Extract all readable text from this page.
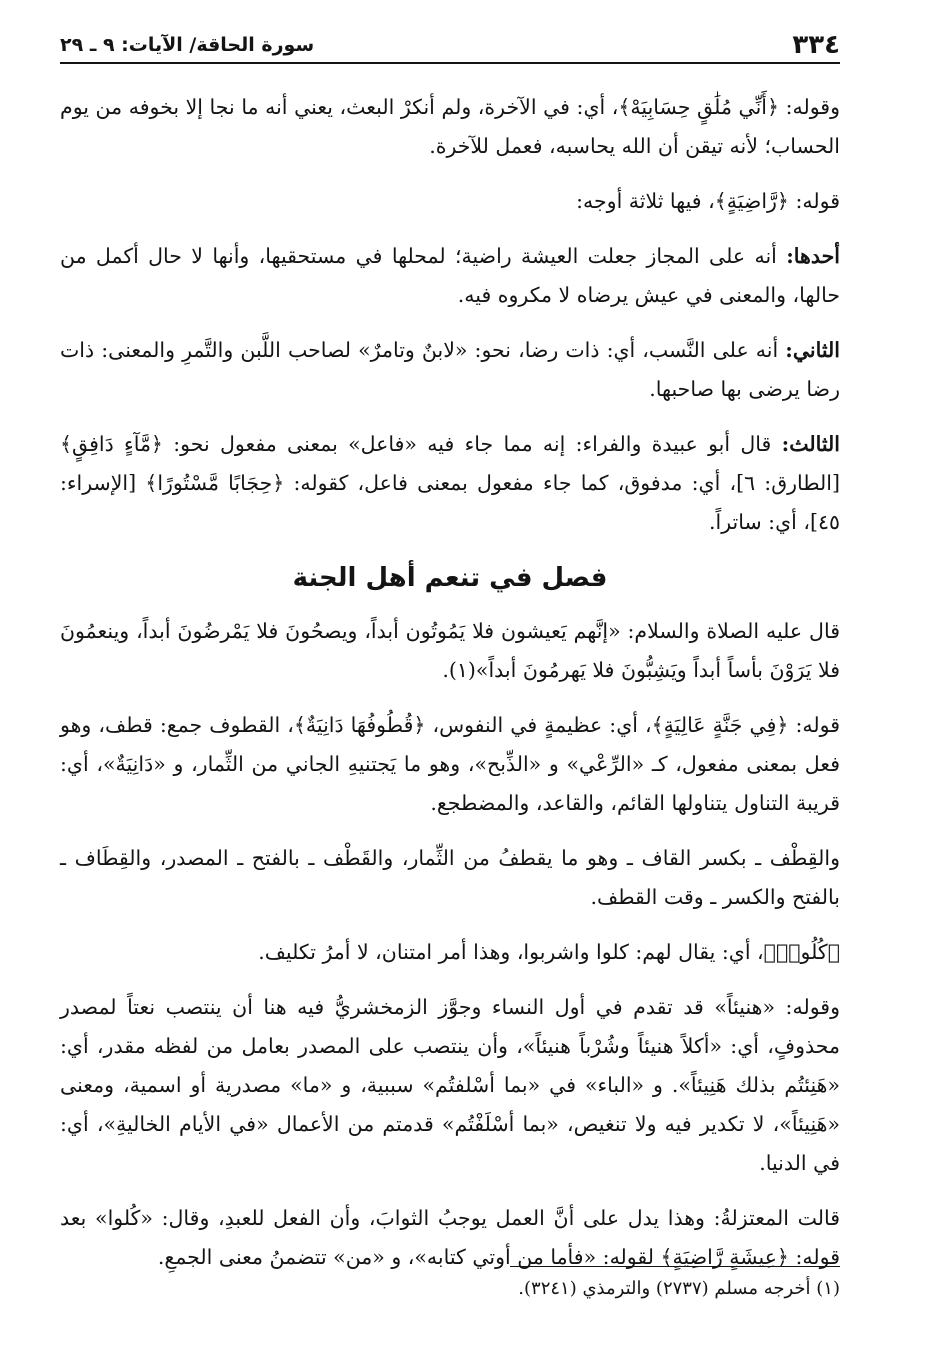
٣٣٤
سورة الحاقة/ الآيات: ٩ ـ ٢٩

وقوله: ﴿أَنِّي مُلَٰقٍ حِسَابِيَهْ﴾، أي: في الآخرة، ولم أنكرْ البعث، يعني أنه ما نجا إلا بخوفه من يوم الحساب؛ لأنه تيقن أن الله يحاسبه، فعمل للآخرة.

قوله: ﴿رَّاضِيَةٍ﴾، فيها ثلاثة أوجه:

أحدها: أنه على المجاز جعلت العيشة راضية؛ لمحلها في مستحقيها، وأنها لا حال أكمل من حالها، والمعنى في عيش يرضاه لا مكروه فيه.

الثاني: أنه على النَّسب، أي: ذات رضا، نحو: «لابنٌ وتامرٌ» لصاحب اللَّبن والتَّمرِ والمعنى: ذات رضا يرضى بها صاحبها.

الثالث: قال أبو عبيدة والفراء: إنه مما جاء فيه «فاعل» بمعنى مفعول نحو: ﴿مَّآءٍ دَافِقٍ﴾ [الطارق: ٦]، أي: مدفوق، كما جاء مفعول بمعنى فاعل، كقوله: ﴿حِجَابًا مَّسْتُورًا﴾ [الإسراء: ٤٥]، أي: ساتراً.

فصل في تنعم أهل الجنة

قال عليه الصلاة والسلام: «إنَّهم يَعيشون فلا يَمُوتُون أبداً، ويصحُونَ فلا يَمْرضُونَ أبداً، وينعمُونَ فلا يَرَوْنَ بأساً أبداً ويَشِبُّونَ فلا يَهرمُونَ أبداً»(١).

قوله: ﴿فِي جَنَّةٍ عَالِيَةٍ﴾، أي: عظيمةٍ في النفوس، ﴿قُطُوفُهَا دَانِيَةٌ﴾، القطوف جمع: قطف، وهو فعل بمعنى مفعول، كـ «الرِّعْي» و «الذِّبح»، وهو ما يَجتنيهِ الجاني من الثِّمار، و «دَانِيَةٌ»، أي: قريبة التناول يتناولها القائم، والقاعد، والمضطجع.

والقِطْف ـ بكسر القاف ـ وهو ما يقطفُ من الثِّمار، والقَطْف ـ بالفتح ـ المصدر، والقِطَاف ـ بالفتح والكسر ـ وقت القطف.

﴿كُلُوا۟﴾، أي: يقال لهم: كلوا واشربوا، وهذا أمر امتنان، لا أمرُ تكليف.

وقوله: «هنيئاً» قد تقدم في أول النساء وجوَّز الزمخشريُّ فيه هنا أن ينتصب نعتاً لمصدر محذوفٍ، أي: «أكلاً هنيئاً وشُرْباً هنيئاً»، وأن ينتصب على المصدر بعامل من لفظه مقدر، أي: «هَنِئتُم بذلك هَنِيئاً». و «الباء» في «بما أسْلفتُم» سببية، و «ما» مصدرية أو اسمية، ومعنى «هَنِيئاً»، لا تكدير فيه ولا تنغيص، «بما أسْلَفْتُم» قدمتم من الأعمال «في الأيام الخاليةِ»، أي: في الدنيا.

قالت المعتزلةُ: وهذا يدل على أنَّ العمل يوجبُ الثوابَ، وأن الفعل للعبدِ، وقال: «كُلوا» بعد قوله: ﴿عِيشَةٍ رَّاضِيَةٍ﴾ لقوله: «فأما من أوتي كتابه»، و «من» تتضمنُ معنى الجمعِ.

(١) أخرجه مسلم (٢٧٣٧) والترمذي (٣٢٤١).
